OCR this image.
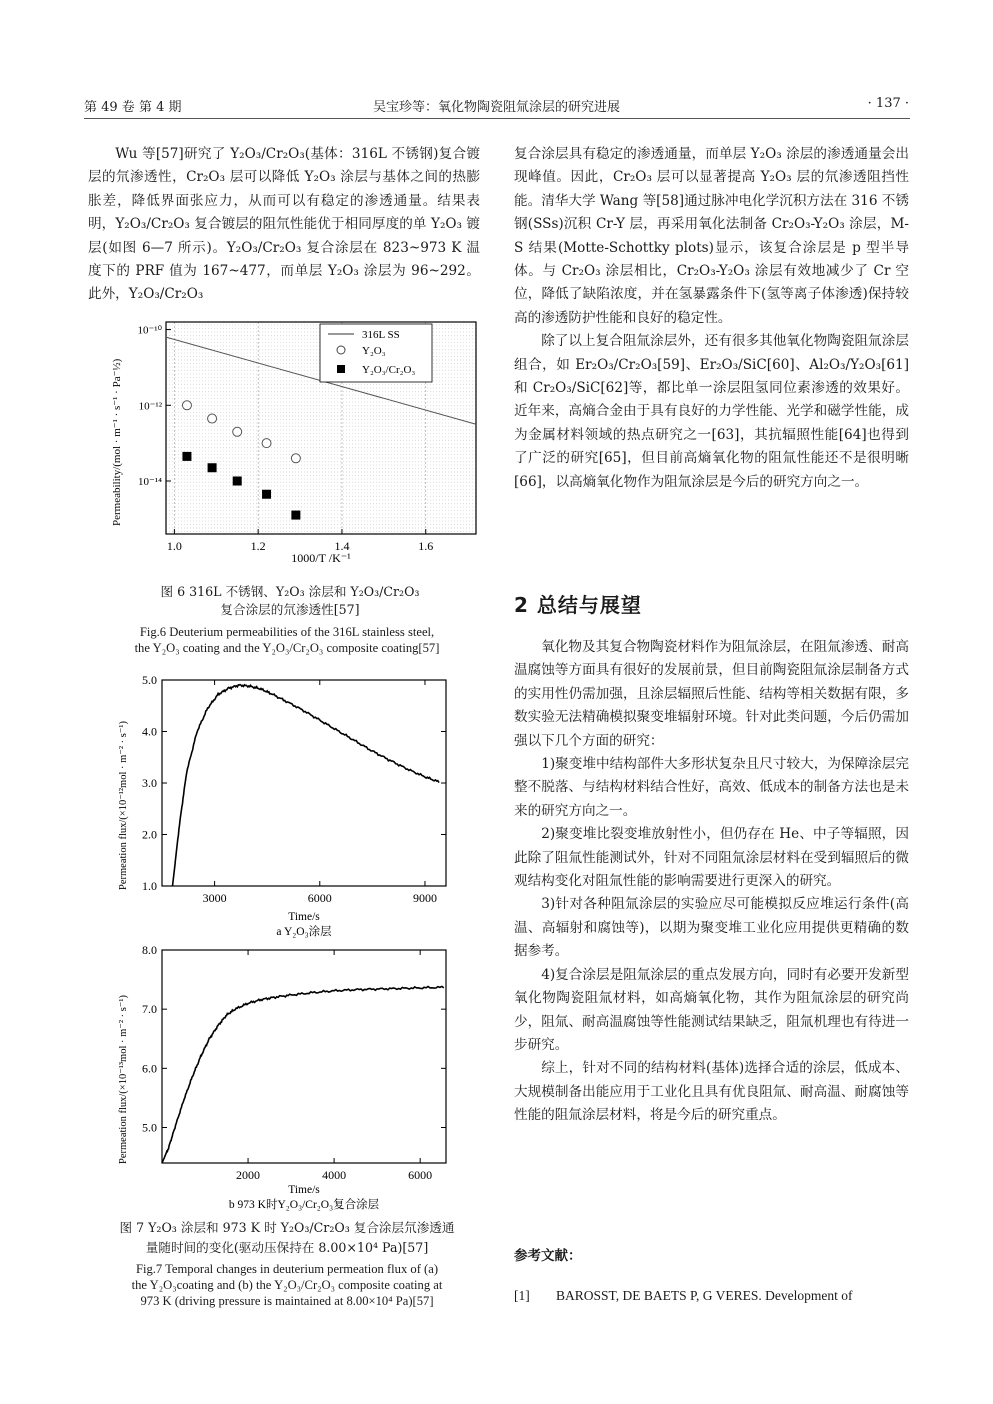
第 49 卷 第 4 期	吴宝珍等：氧化物陶瓷阻氚涂层的研究进展	· 137 ·

Wu 等[57]研究了 Y₂O₃/Cr₂O₃(基体：316L 不锈钢)复合镀层的氘渗透性，Cr₂O₃ 层可以降低 Y₂O₃ 涂层与基体之间的热膨胀差，降低界面张应力，从而可以有稳定的渗透通量。结果表明，Y₂O₃/Cr₂O₃ 复合镀层的阻氘性能优于相同厚度的单 Y₂O₃ 镀层(如图 6—7 所示)。Y₂O₃/Cr₂O₃ 复合涂层在 823~973 K 温度下的 PRF 值为 167~477，而单层 Y₂O₃ 涂层为 96~292。此外，Y₂O₃/Cr₂O₃

1.0	1.2	1.4	1.6
10⁻¹⁰
10⁻¹²
10⁻¹⁴
316L SS
Y₂O₃
Y₂O₃/Cr₂O₃
Permeability/(mol · m⁻¹ · s⁻¹ · Pa⁻½)
1000/T /K⁻¹
图 6 316L 不锈钢、Y₂O₃ 涂层和 Y₂O₃/Cr₂O₃
复合涂层的氘渗透性[57]
Fig.6 Deuterium permeabilities of the 316L stainless steel,
the Y₂O₃ coating and the Y₂O₃/Cr₂O₃ composite coating[57]
3000	6000	9000
1.0
2.0
3.0
4.0
5.0
Permeation flux/(×10⁻¹²mol · m⁻² · s⁻¹)
Time/s
a Y₂O₃涂层
2000	4000	6000
5.0
6.0
7.0
8.0
Permeation flux/(×10⁻¹³mol · m⁻² · s⁻¹)
Time/s
b 973 K时Y₂O₃/Cr₂O₃复合涂层
图 7 Y₂O₃ 涂层和 973 K 时 Y₂O₃/Cr₂O₃ 复合涂层氘渗透通
量随时间的变化(驱动压保持在 8.00×10⁴ Pa)[57]
Fig.7 Temporal changes in deuterium permeation flux of (a)
the Y₂O₃coating and (b) the Y₂O₃/Cr₂O₃ composite coating at
973 K (driving pressure is maintained at 8.00×10⁴ Pa)[57]

复合涂层具有稳定的渗透通量，而单层 Y₂O₃ 涂层的渗透通量会出现峰值。因此，Cr₂O₃ 层可以显著提高 Y₂O₃ 层的氘渗透阻挡性能。清华大学 Wang 等[58]通过脉冲电化学沉积方法在 316 不锈钢(SSs)沉积 Cr-Y 层，再采用氧化法制备 Cr₂O₃-Y₂O₃ 涂层，M-S 结果(Motte-Schottky plots)显示，该复合涂层是 p 型半导体。与 Cr₂O₃ 涂层相比，Cr₂O₃-Y₂O₃ 涂层有效地减少了 Cr 空位，降低了缺陷浓度，并在氢暴露条件下(氢等离子体渗透)保持较高的渗透防护性能和良好的稳定性。

除了以上复合阻氚涂层外，还有很多其他氧化物陶瓷阻氚涂层组合，如 Er₂O₃/Cr₂O₃[59]、Er₂O₃/SiC[60]、Al₂O₃/Y₂O₃[61]和 Cr₂O₃/SiC[62]等，都比单一涂层阻氢同位素渗透的效果好。近年来，高熵合金由于具有良好的力学性能、光学和磁学性能，成为金属材料领域的热点研究之一[63]，其抗辐照性能[64]也得到了广泛的研究[65]，但目前高熵氧化物的阻氚性能还不是很明晰[66]，以高熵氧化物作为阻氚涂层是今后的研究方向之一。

2 总结与展望

氧化物及其复合物陶瓷材料作为阻氚涂层，在阻氚渗透、耐高温腐蚀等方面具有很好的发展前景，但目前陶瓷阻氚涂层制备方式的实用性仍需加强，且涂层辐照后性能、结构等相关数据有限，多数实验无法精确模拟聚变堆辐射环境。针对此类问题，今后仍需加强以下几个方面的研究：

1)聚变堆中结构部件大多形状复杂且尺寸较大，为保障涂层完整不脱落、与结构材料结合性好，高效、低成本的制备方法也是未来的研究方向之一。

2)聚变堆比裂变堆放射性小，但仍存在 He、中子等辐照，因此除了阻氚性能测试外，针对不同阻氚涂层材料在受到辐照后的微观结构变化对阻氚性能的影响需要进行更深入的研究。

3)针对各种阻氚涂层的实验应尽可能模拟反应堆运行条件(高温、高辐射和腐蚀等)，以期为聚变堆工业化应用提供更精确的数据参考。

4)复合涂层是阻氚涂层的重点发展方向，同时有必要开发新型氧化物陶瓷阻氚材料，如高熵氧化物，其作为阻氚涂层的研究尚少，阻氚、耐高温腐蚀等性能测试结果缺乏，阻氚机理也有待进一步研究。

综上，针对不同的结构材料(基体)选择合适的涂层，低成本、大规模制备出能应用于工业化且具有优良阻氚、耐高温、耐腐蚀等性能的阻氚涂层材料，将是今后的研究重点。

参考文献：
[1] BAROSST, DE BAETS P, G VERES. Development of
